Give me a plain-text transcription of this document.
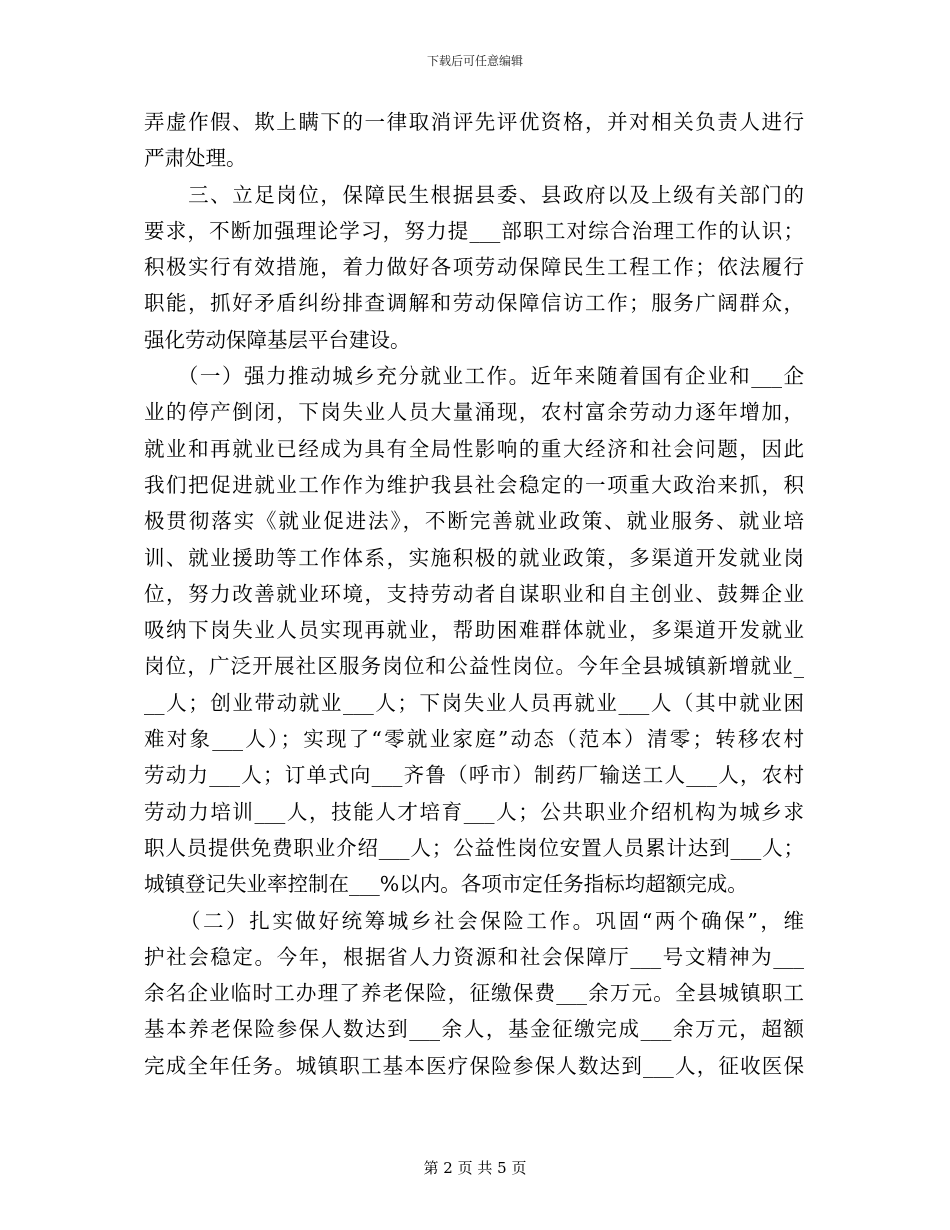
下载后可任意编辑
弄虚作假、欺上瞒下的一律取消评先评优资格，并对相关负责人进行
严肃处理。
　　三、立足岗位，保障民生根据县委、县政府以及上级有关部门的
要求，不断加强理论学习，努力提___部职工对综合治理工作的认识；
积极实行有效措施，着力做好各项劳动保障民生工程工作；依法履行
职能，抓好矛盾纠纷排查调解和劳动保障信访工作；服务广阔群众，
强化劳动保障基层平台建设。
　　（一）强力推动城乡充分就业工作。近年来随着国有企业和___企
业的停产倒闭，下岗失业人员大量涌现，农村富余劳动力逐年增加，
就业和再就业已经成为具有全局性影响的重大经济和社会问题，因此
我们把促进就业工作作为维护我县社会稳定的一项重大政治来抓，积
极贯彻落实《就业促进法》，不断完善就业政策、就业服务、就业培
训、就业援助等工作体系，实施积极的就业政策，多渠道开发就业岗
位，努力改善就业环境，支持劳动者自谋职业和自主创业、鼓舞企业
吸纳下岗失业人员实现再就业，帮助困难群体就业，多渠道开发就业
岗位，广泛开展社区服务岗位和公益性岗位。今年全县城镇新增就业_
__人；创业带动就业___人；下岗失业人员再就业___人（其中就业困
难对象___人）；实现了“零就业家庭”动态（范本）清零；转移农村
劳动力___人；订单式向___齐鲁（呼市）制药厂输送工人___人，农村
劳动力培训___人，技能人才培育___人；公共职业介绍机构为城乡求
职人员提供免费职业介绍___人；公益性岗位安置人员累计达到___人；
城镇登记失业率控制在___%以内。各项市定任务指标均超额完成。
　　（二）扎实做好统筹城乡社会保险工作。巩固“两个确保”，维
护社会稳定。今年，根据省人力资源和社会保障厅___号文精神为___
余名企业临时工办理了养老保险，征缴保费___余万元。全县城镇职工
基本养老保险参保人数达到___余人，基金征缴完成___余万元，超额
完成全年任务。城镇职工基本医疗保险参保人数达到___人，征收医保
第 2 页 共 5 页
